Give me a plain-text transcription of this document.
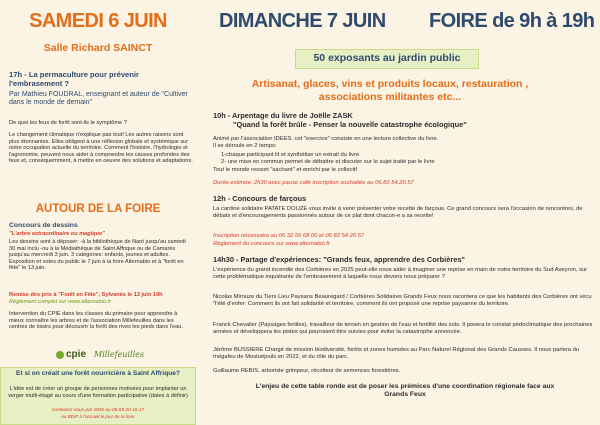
SAMEDI 6 JUIN
Salle Richard SAINCT
17h - La permaculture pour prévenir l'embrasement ?
Par Mathieu FOUDRAL, enseignant et auteur de "Cultiver dans le monde de demain"
De quoi les feux de forêt sont-ils le symptôme ?
Le changement climatique n'explique pas tout! Les autres raisons sont plus étonnantes. Elles obligent à une réflexion globale et systémique sur notre occupation actuelle du territoire. Comment l'histoire, l'hydrologie et l'agronomie, peuvent nous aider à comprendre les causes profondes des feux et, conséquemment, à mettre en oeuvre des solutions et adaptations.
AUTOUR DE LA FOIRE
Concours de dessins
"L'arbre extraordinaire ou magique"
Les dessins sont à déposer: -à la bibliothèque de Nant jusqu'au samedi 30 mai inclu -ou à la Médiathèque de Saint Affrique ou de Camarès jusqu'au mercredi 3 juin. 3 catégories: enfants, jeunes et adultes. Exposition et votes du public le 7 juin à la foire Alternabio et à "forêt en fête" le 13 juin.
Remise des prix à "Forêt en Fête", Sylvanès le 13 juin 19h
Règlement complet sur www.alternabio.fr
Intervention du CPIE dans les classes du primaire pour apprendre à mieux connaître les arbres et de l'association Millefeuilles dans les centres de loisirs pour découvrir la forêt des rives les pieds dans l'eau.
cpie Millefeuilles
Et si on créait une forêt nourricière à Saint Affrique?
L'idée est de créer un groupe de personnes motivées pour implanter un verger multi-étagé au cours d'une formation participative (dates à définir)
contactez nous par SMS au 06.85.20.18.17
ou BDIF à l'accueil le jour de la foire
DIMANCHE 7 JUIN FOIRE de 9h à 19h
50 exposants au jardin public
Artisanat, glaces, vins et produits locaux, restauration , associations militantes etc...
10h - Arpentage du livre de Joëlle ZASK
"Quand la forêt brûle - Penser la nouvelle catastrophe écologique"
Animé par l'association IDEES. cet "exercice" consiste en une lecture collective du livre.
Il se déroule en 2 temps:
1-chaque participant lit et synthétise un extrait du livre
2- une mise en commun permet de débattre et discuter sur le sujet traité par le livre
Tout le monde ressort "sachant" et enrichi par le collectif
Durée estimée: 2h30 avec pause café Inscription souhaitée au 06.82.54.20.57
12h - Concours de farçous
La cantine solidaire PATATE DOUZE vous invite à venir présenter votre recette de farçous. Ce grand concours sera l'occasion de rencontres, de débats et d'encouragements passionnés autour de ce plat dont chacun-e a sa recette!
Inscription nécessaire au 06 32 56 68 00 et 06 82 54 20 57
Règlement du concours sur www.alternabio.fr
14h30 - Partage d'expériences: "Grands feux, apprendre des Corbières"
L'expérience du grand incendie des Corbières en 2025 peut-elle nous aider à imaginer une reprise en main de notre territoire du Sud Aveyron, sur cette problématique inquiétante de l'embrasement à laquelle nous devons nous préparer ?
Nicolas Mirouze du Tiers Lieu Paysans Beauregard / Corbières Solidaires Grands Feux nous racontera ce que les habitants des Corbières ont vécu "l'été d'enfer: Comment ils ont fait solidarité et territoire, comment ils ont proposé une reprise paysanne du territoire.
Franck Chevalier (Paysages fertiles), travailleur de terrain en gestion de l'eau et fertilité des sols. Il posera le constat pédoclimatique des prochaines années et développera les pistes qui pourraient être suivies pour éviter la catastrophe annoncée.
Jérôme BUSSIERE Chargé de mission biodiversité, forêts et zones humides au Parc Naturel Régional des Grands Causses. Il nous parlera du mégafeu de Mostuéjouls en 2022, et du rôle du parc.
Guillaume REBIS, arboriste grimpeur, récolteur de semences forestières.
L'enjeu de cette table ronde est de poser les prémices d'une coordination régionale face aux Grands Feux
